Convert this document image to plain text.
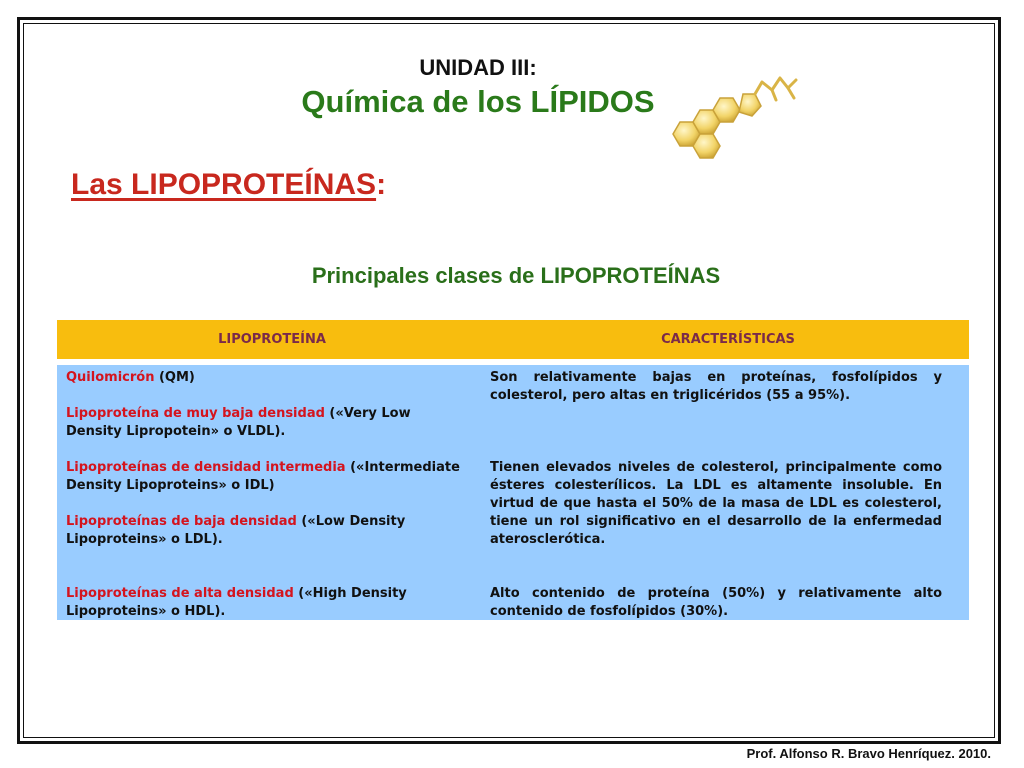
UNIDAD III:
Química de los LÍPIDOS
Las LIPOPROTEÍNAS:
Principales clases de LIPOPROTEÍNAS
LIPOPROTEÍNA	CARACTERÍSTICAS
Quilomicrón (QM)
Lipoproteína de muy baja densidad («Very Low Density Lipropotein» o VLDL).
Son relativamente bajas en proteínas, fosfolípidos y colesterol, pero altas en triglicéridos (55 a 95%).
Lipoproteínas de densidad intermedia («Intermediate Density Lipoproteins» o IDL)
Lipoproteínas de baja densidad («Low Density Lipoproteins» o LDL).
Tienen elevados niveles de colesterol, principalmente como ésteres colesterílicos. La LDL es altamente insoluble. En virtud de que hasta el 50% de la masa de LDL es colesterol, tiene un rol significativo en el desarrollo de la enfermedad aterosclerótica.
Lipoproteínas de alta densidad («High Density Lipoproteins» o HDL).
Alto contenido de proteína (50%) y relativamente alto contenido de fosfolípidos (30%).
Prof. Alfonso R. Bravo Henríquez. 2010.
